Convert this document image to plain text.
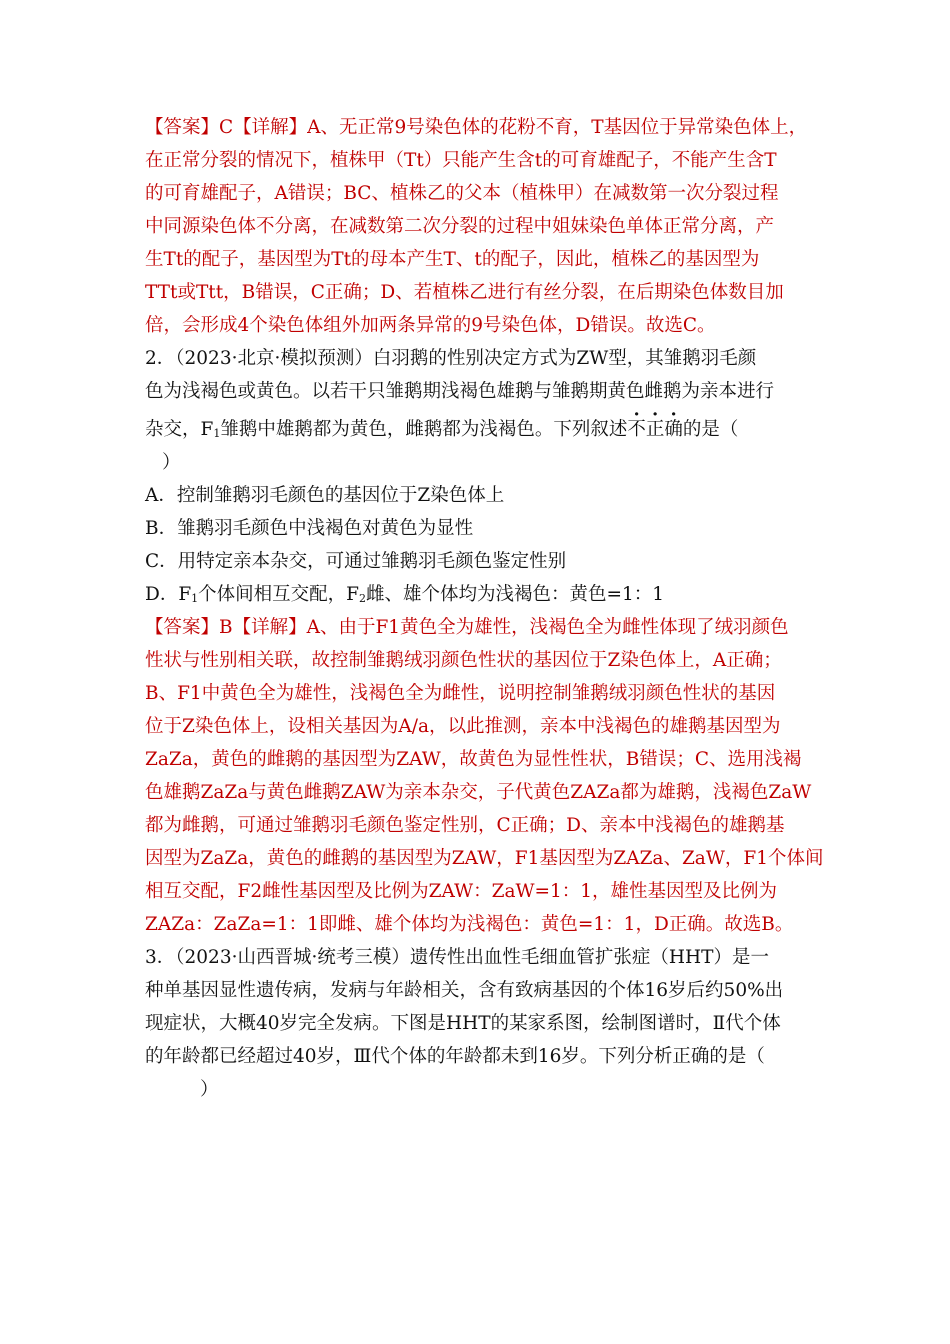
【答案】C【详解】A、无正常9号染色体的花粉不育，T基因位于异常染色体上，
在正常分裂的情况下，植株甲（Tt）只能产生含t的可育雄配子，不能产生含T
的可育雄配子，A错误；BC、植株乙的父本（植株甲）在减数第一次分裂过程
中同源染色体不分离，在减数第二次分裂的过程中姐妹染色单体正常分离，产
生Tt的配子，基因型为Tt的母本产生T、t的配子，因此，植株乙的基因型为
TTt或Ttt，B错误，C正确；D、若植株乙进行有丝分裂，在后期染色体数目加
倍，会形成4个染色体组外加两条异常的9号染色体，D错误。故选C。
2．（2023·北京·模拟预测）白羽鹅的性别决定方式为ZW型，其雏鹅羽毛颜
色为浅褐色或黄色。以若干只雏鹅期浅褐色雄鹅与雏鹅期黄色雌鹅为亲本进行
杂交，$F_1$雏鹅中雄鹅都为黄色，雌鹅都为浅褐色。下列叙述不正确的是（
）
A．控制雏鹅羽毛颜色的基因位于Z染色体上
B．雏鹅羽毛颜色中浅褐色对黄色为显性
C．用特定亲本杂交，可通过雏鹅羽毛颜色鉴定性别
D．$F_1$个体间相互交配，$F_2$雌、雄个体均为浅褐色：黄色=1：1
【答案】B【详解】A、由于F1黄色全为雄性，浅褐色全为雌性体现了绒羽颜色
性状与性别相关联，故控制雏鹅绒羽颜色性状的基因位于Z染色体上，A正确；
B、F1中黄色全为雄性，浅褐色全为雌性，说明控制雏鹅绒羽颜色性状的基因
位于Z染色体上，设相关基因为A/a，以此推测，亲本中浅褐色的雄鹅基因型为
ZaZa，黄色的雌鹅的基因型为ZAW，故黄色为显性性状，B错误；C、选用浅褐
色雄鹅ZaZa与黄色雌鹅ZAW为亲本杂交，子代黄色ZAZa都为雄鹅，浅褐色ZaW
都为雌鹅，可通过雏鹅羽毛颜色鉴定性别，C正确；D、亲本中浅褐色的雄鹅基
因型为ZaZa，黄色的雌鹅的基因型为ZAW，F1基因型为ZAZa、ZaW，F1个体间
相互交配，F2雌性基因型及比例为ZAW：ZaW=1：1，雄性基因型及比例为
ZAZa：ZaZa=1：1即雌、雄个体均为浅褐色：黄色=1：1，D正确。故选B。
3．（2023·山西晋城·统考三模）遗传性出血性毛细血管扩张症（HHT）是一
种单基因显性遗传病，发病与年龄相关，含有致病基因的个体16岁后约50%出
现症状，大概40岁完全发病。下图是HHT的某家系图，绘制图谱时，Ⅱ代个体
的年龄都已经超过40岁，Ⅲ代个体的年龄都未到16岁。下列分析正确的是（
）
